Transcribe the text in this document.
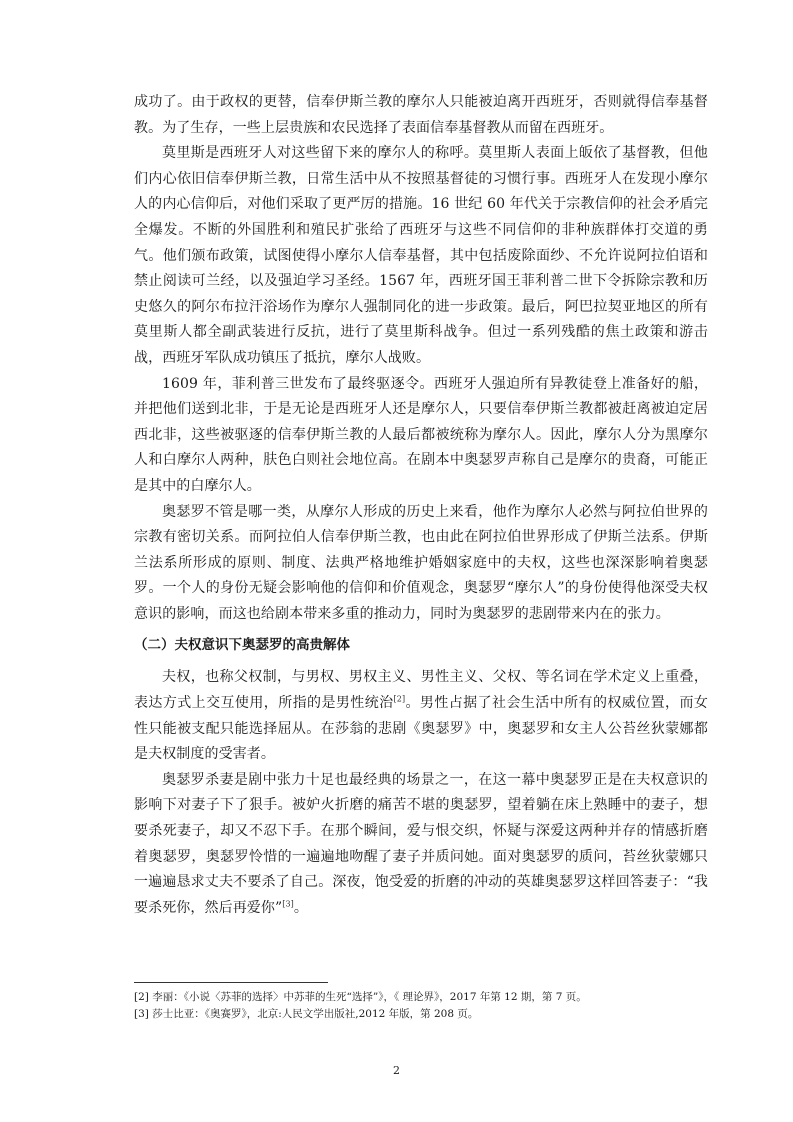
成功了。由于政权的更替，信奉伊斯兰教的摩尔人只能被迫离开西班牙，否则就得信奉基督教。为了生存，一些上层贵族和农民选择了表面信奉基督教从而留在西班牙。

莫里斯是西班牙人对这些留下来的摩尔人的称呼。莫里斯人表面上皈依了基督教，但他们内心依旧信奉伊斯兰教，日常生活中从不按照基督徒的习惯行事。西班牙人在发现小摩尔人的内心信仰后，对他们采取了更严厉的措施。16 世纪 60 年代关于宗教信仰的社会矛盾完全爆发。不断的外国胜利和殖民扩张给了西班牙与这些不同信仰的非种族群体打交道的勇气。他们颁布政策，试图使得小摩尔人信奉基督，其中包括废除面纱、不允许说阿拉伯语和禁止阅读可兰经，以及强迫学习圣经。1567 年，西班牙国王菲利普二世下令拆除宗教和历史悠久的阿尔布拉汗浴场作为摩尔人强制同化的进一步政策。最后，阿巴拉契亚地区的所有莫里斯人都全副武装进行反抗，进行了莫里斯科战争。但过一系列残酷的焦土政策和游击战，西班牙军队成功镇压了抵抗，摩尔人战败。

1609 年，菲利普三世发布了最终驱逐令。西班牙人强迫所有异教徒登上准备好的船，并把他们送到北非，于是无论是西班牙人还是摩尔人，只要信奉伊斯兰教都被赶离被迫定居西北非，这些被驱逐的信奉伊斯兰教的人最后都被统称为摩尔人。因此，摩尔人分为黑摩尔人和白摩尔人两种，肤色白则社会地位高。在剧本中奥瑟罗声称自己是摩尔的贵裔，可能正是其中的白摩尔人。

奥瑟罗不管是哪一类，从摩尔人形成的历史上来看，他作为摩尔人必然与阿拉伯世界的宗教有密切关系。而阿拉伯人信奉伊斯兰教，也由此在阿拉伯世界形成了伊斯兰法系。伊斯兰法系所形成的原则、制度、法典严格地维护婚姻家庭中的夫权，这些也深深影响着奥瑟罗。一个人的身份无疑会影响他的信仰和价值观念，奥瑟罗“摩尔人”的身份使得他深受夫权意识的影响，而这也给剧本带来多重的推动力，同时为奥瑟罗的悲剧带来内在的张力。

（二）夫权意识下奥瑟罗的高贵解体

夫权，也称父权制，与男权、男权主义、男性主义、父权、等名词在学术定义上重叠，表达方式上交互使用，所指的是男性统治[2]。男性占据了社会生活中所有的权威位置，而女性只能被支配只能选择屈从。在莎翁的悲剧《奥瑟罗》中，奥瑟罗和女主人公苔丝狄蒙娜都是夫权制度的受害者。

奥瑟罗杀妻是剧中张力十足也最经典的场景之一，在这一幕中奥瑟罗正是在夫权意识的影响下对妻子下了狠手。被妒火折磨的痛苦不堪的奥瑟罗，望着躺在床上熟睡中的妻子，想要杀死妻子，却又不忍下手。在那个瞬间，爱与恨交织，怀疑与深爱这两种并存的情感折磨着奥瑟罗，奥瑟罗怜惜的一遍遍地吻醒了妻子并质问她。面对奥瑟罗的质问，苔丝狄蒙娜只一遍遍恳求丈夫不要杀了自己。深夜，饱受爱的折磨的冲动的英雄奥瑟罗这样回答妻子：“我要杀死你，然后再爱你”[3]。

[2] 李丽：《小说〈苏菲的选择〉中苏菲的生死“选择”》，《 理论界》，2017 年第 12 期，第 7 页。

[3] 莎士比亚：《奥赛罗》，北京:人民文学出版社,2012 年版，第 208 页。

2
